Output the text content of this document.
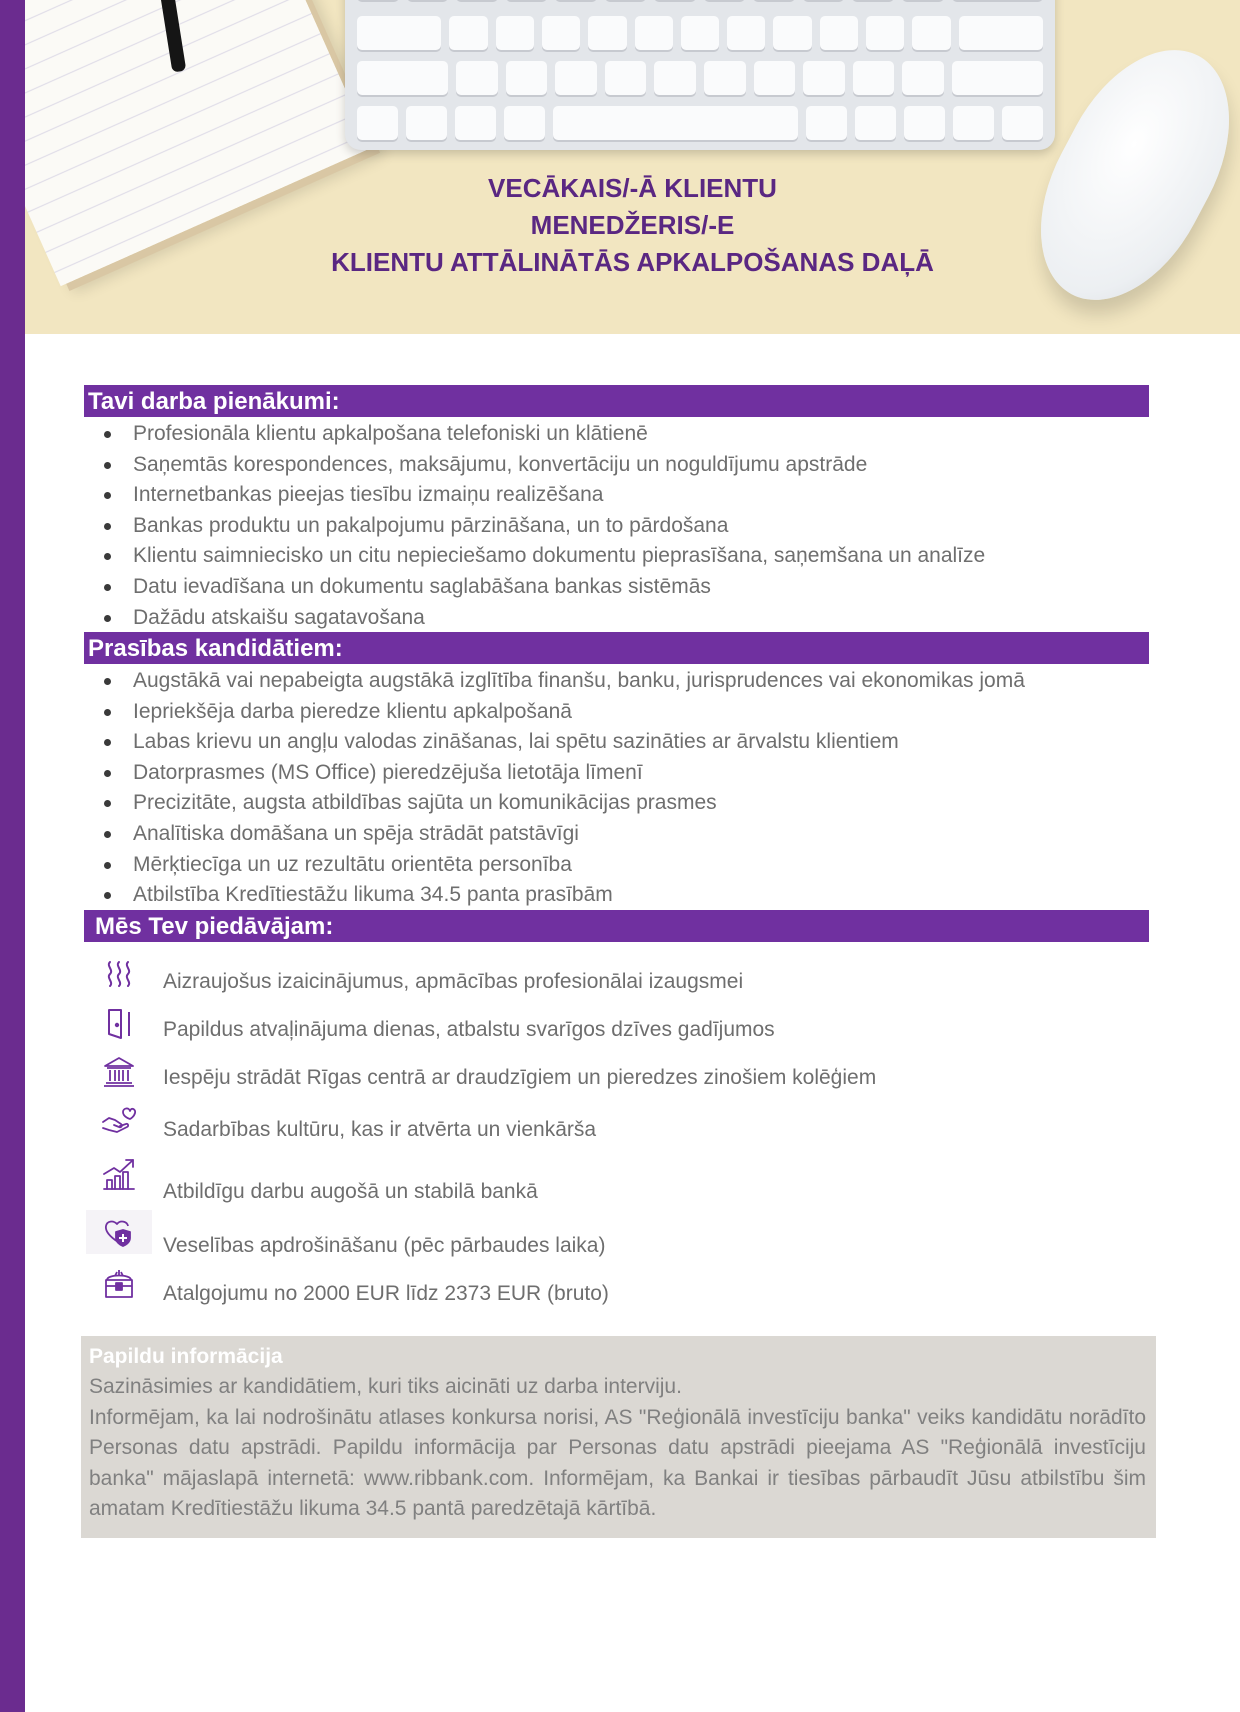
VECĀKAIS/-Ā KLIENTU
MENEDŽERIS/-E
KLIENTU ATTĀLINĀTĀS APKALPOŠANAS DAĻĀ
Tavi darba pienākumi:
Profesionāla klientu apkalpošana telefoniski un klātienē
Saņemtās korespondences, maksājumu, konvertāciju un noguldījumu apstrāde
Internetbankas pieejas tiesību izmaiņu realizēšana
Bankas produktu un pakalpojumu pārzināšana, un to pārdošana
Klientu saimniecisko un citu nepieciešamo dokumentu pieprasīšana, saņemšana un analīze
Datu ievadīšana un dokumentu saglabāšana bankas sistēmās
Dažādu atskaišu sagatavošana
Prasības kandidātiem:
Augstākā vai nepabeigta augstākā izglītība finanšu, banku, jurisprudences vai ekonomikas jomā
Iepriekšēja darba pieredze klientu apkalpošanā
Labas krievu un angļu valodas zināšanas, lai spētu sazināties ar ārvalstu klientiem
Datorprasmes (MS Office) pieredzējuša lietotāja līmenī
Precizitāte, augsta atbildības sajūta un komunikācijas prasmes
Analītiska domāšana un spēja strādāt patstāvīgi
Mērķtiecīga un uz rezultātu orientēta personība
Atbilstība Kredītiestāžu likuma 34.5 panta prasībām
Mēs Tev piedāvājam:
Aizraujošus izaicinājumus, apmācības profesionālai izaugsmei
Papildus atvaļinājuma dienas, atbalstu svarīgos dzīves gadījumos
Iespēju strādāt Rīgas centrā ar draudzīgiem un pieredzes zinošiem kolēģiem
Sadarbības kultūru, kas ir atvērta un vienkārša
Atbildīgu darbu augošā un stabilā bankā
Veselības apdrošināšanu (pēc pārbaudes laika)
Atalgojumu no 2000 EUR līdz 2373 EUR (bruto)
Papildu informācija

Sazināsimies ar kandidātiem, kuri tiks aicināti uz darba interviju.

Informējam, ka lai nodrošinātu atlases konkursa norisi, AS "Reģionālā investīciju banka" veiks kandidātu norādīto Personas datu apstrādi. Papildu informācija par Personas datu apstrādi pieejama AS "Reģionālā investīciju banka" mājaslapā internetā: www.ribbank.com. Informējam, ka Bankai ir tiesības pārbaudīt Jūsu atbilstību šim amatam Kredītiestāžu likuma 34.5 pantā paredzētajā kārtībā.
